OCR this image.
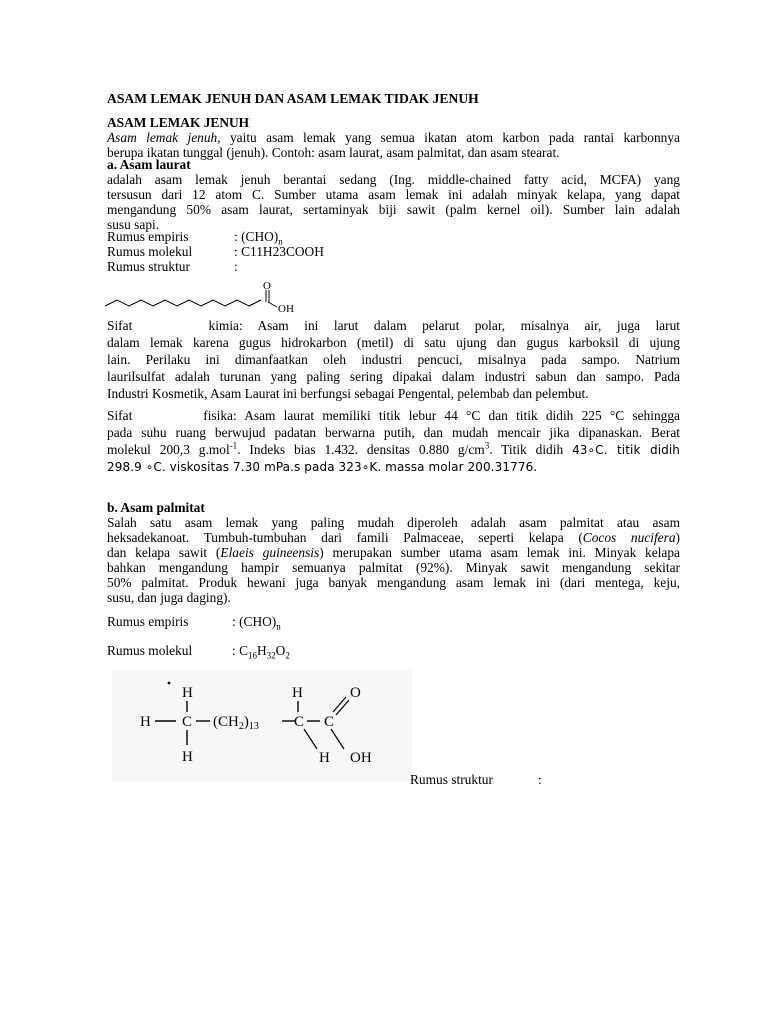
ASAM LEMAK JENUH DAN ASAM LEMAK TIDAK JENUH
ASAM LEMAK JENUH
Asam lemak jenuh, yaitu asam lemak yang semua ikatan atom karbon pada rantai karbonnya
berupa ikatan tunggal (jenuh). Contoh: asam laurat, asam palmitat, dan asam stearat.
a. Asam laurat
adalah asam lemak jenuh berantai sedang (Ing. middle-chained fatty acid, MCFA) yang
tersusun dari 12 atom C. Sumber utama asam lemak ini adalah minyak kelapa, yang dapat
mengandung 50% asam laurat, sertaminyak biji sawit (palm kernel oil). Sumber lain adalah
susu sapi.
Rumus empiris	: $(CHO)_n$
Rumus molekul	: C11H23COOH
Rumus struktur	:
O
OH
Sifat kimia: Asam ini larut dalam pelarut polar, misalnya air, juga larut
dalam lemak karena gugus hidrokarbon (metil) di satu ujung dan gugus karboksil di ujung
lain. Perilaku ini dimanfaatkan oleh industri pencuci, misalnya pada sampo. Natrium
laurilsulfat adalah turunan yang paling sering dipakai dalam industri sabun dan sampo. Pada
Industri Kosmetik, Asam Laurat ini berfungsi sebagai Pengental, pelembab dan pelembut.
Sifat fisika: Asam laurat memiliki titik lebur 44 °C dan titik didih 225 °C sehingga
pada suhu ruang berwujud padatan berwarna putih, dan mudah mencair jika dipanaskan. Berat
molekul 200,3 g.mol$^{-1}$. Indeks bias 1.432. densitas 0.880 $g/cm^3$. Titik didih 43∘C. titik didih
298.9 ∘C. viskositas 7.30 mPa.s pada 323∘K. massa molar 200.31776.
b. Asam palmitat
Salah satu asam lemak yang paling mudah diperoleh adalah asam palmitat atau asam
heksadekanoat. Tumbuh-tumbuhan dari famili Palmaceae, seperti kelapa (Cocos nucifera)
dan kelapa sawit (Elaeis guineensis) merupakan sumber utama asam lemak ini. Minyak kelapa
bahkan mengandung hampir semuanya palmitat (92%). Minyak sawit mengandung sekitar
50% palmitat. Produk hewani juga banyak mengandung asam lemak ini (dari mentega, keju,
susu, dan juga daging).
Rumus empiris	: $(CHO)_n$
Rumus molekul	: $C_{16}H_{32}O_2$
H
H C $(CH_2)_{13}$
H
C C
O
H	H OH
Rumus struktur	:
